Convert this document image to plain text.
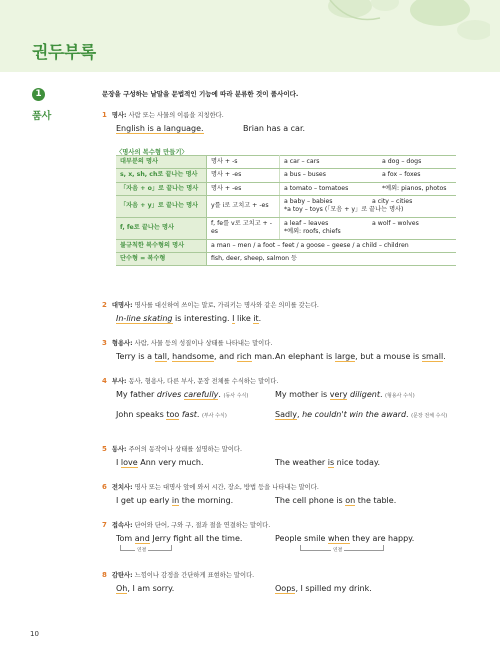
권두부록
1
품사
문장을 구성하는 낱말을 문법적인 기능에 따라 분류한 것이 품사이다.
1 명사: 사람 또는 사물의 이름을 지칭한다.
English is a language.	Brian has a car.
〈명사의 복수형 만들기〉
대부분의 명사	명사 + -s	a car – cars	a dog – dogs
s, x, sh, ch로 끝나는 명사	명사 + -es	a bus – buses	a fox – foxes
「자음 + o」로 끝나는 명사	명사 + -es	a tomato – tomatoes	*예외: pianos, photos
「자음 + y」로 끝나는 명사	y를 i로 고치고 + -es	a baby – babies a city – cities
*a toy – toys (「모음 + y」로 끝나는 명사)	
f, fe로 끝나는 명사	f, fe를 v로 고치고 + -es	a leaf – leaves a wolf – wolves
*예외: roofs, chiefs	
불규칙한 복수형의 명사	a man – men / a foot – feet / a goose – geese / a child – children		
단수형 = 복수형	fish, deer, sheep, salmon 등		
2 대명사: 명사를 대신하여 쓰이는 말로, 가리키는 명사와 같은 의미를 갖는다.
In-line skating is interesting. I like it.
3 형용사: 사람, 사물 등의 성질이나 상태를 나타내는 말이다.
Terry is a tall, handsome, and rich man. An elephant is large, but a mouse is small.
4 부사: 동사, 형용사, 다른 부사, 문장 전체를 수식하는 말이다.
My father drives carefully. (동사 수식)	My mother is very diligent. (형용사 수식)
John speaks too fast. (부사 수식)	Sadly, he couldn't win the award. (문장 전체 수식)
5 동사: 주어의 동작이나 상태를 설명하는 말이다.
I love Ann very much.	The weather is nice today.
6 전치사: 명사 또는 대명사 앞에 와서 시간, 장소, 방법 등을 나타내는 말이다.
I get up early in the morning.	The cell phone is on the table.
7 접속사: 단어와 단어, 구와 구, 절과 절을 연결하는 말이다.
Tom and Jerry fight all the time.
연결
People smile when they are happy.
연결
8 감탄사: 느낌이나 감정을 간단하게 표현하는 말이다.
Oh, I am sorry.	Oops, I spilled my drink.
10
